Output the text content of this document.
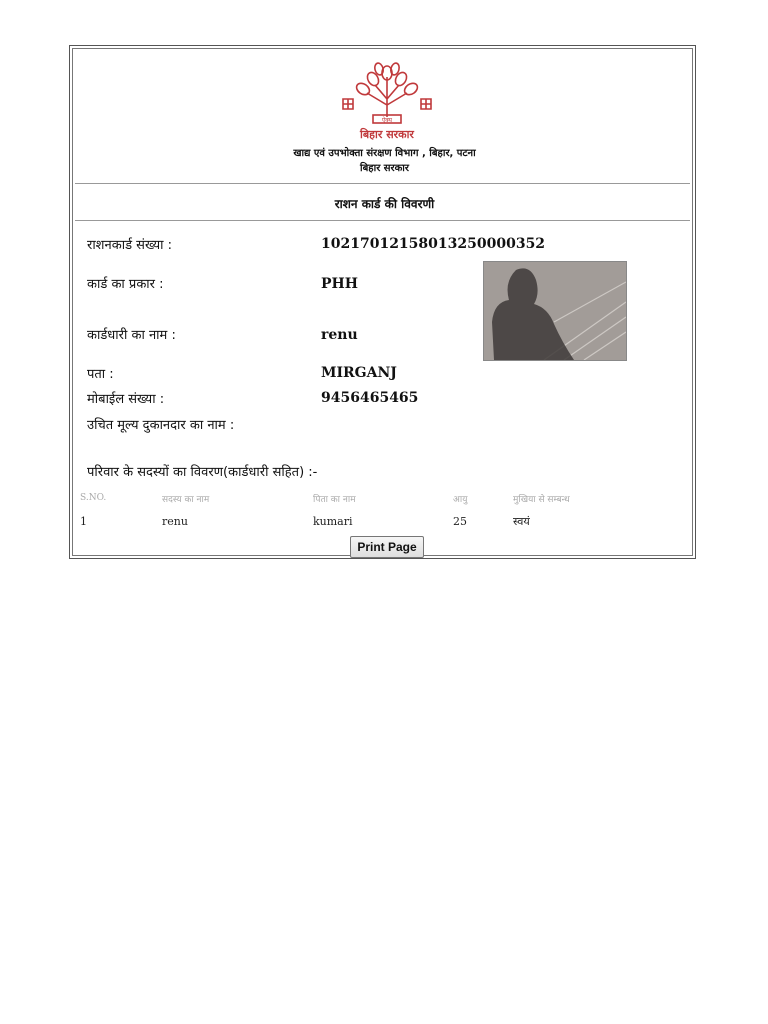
ऐक्य
बिहार सरकार
खाद्य एवं उपभोक्ता संरक्षण विभाग , बिहार, पटना
बिहार सरकार
राशन कार्ड की विवरणी
राशनकार्ड संख्या :	10217012158013250000352
कार्ड का प्रकार :	PHH
कार्डधारी का नाम :	renu
पता :	MIRGANJ
मोबाईल संख्या :	9456465465
उचित मूल्य दुकानदार का नाम :
परिवार के सदस्यों का विवरण(कार्डधारी सहित) :-
S.NO.	सदस्य का नाम	पिता का नाम	आयु	मुखिया से सम्बन्ध
1	renu	kumari	25	स्वयं
Print Page
